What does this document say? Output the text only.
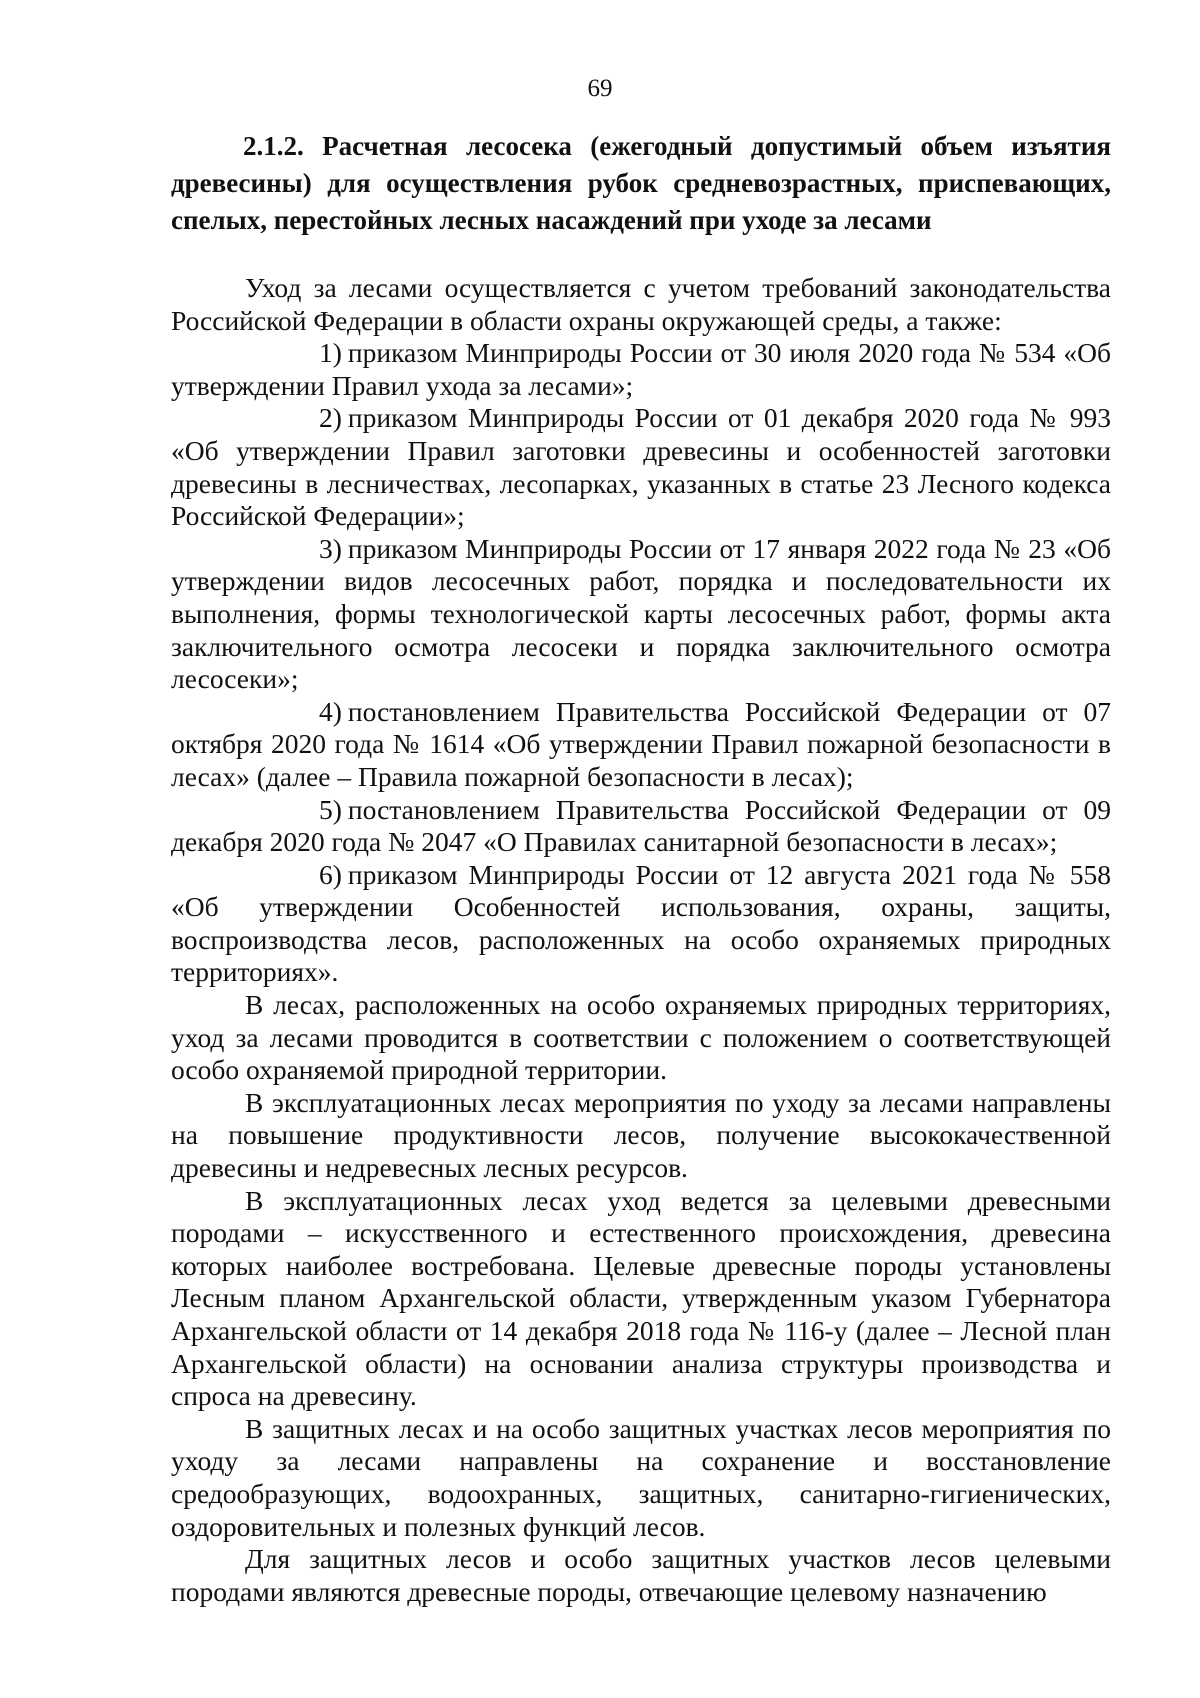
69

2.1.2. Расчетная лесосека (ежегодный допустимый объем изъятия древесины) для осуществления рубок средневозрастных, приспевающих, спелых, перестойных лесных насаждений при уходе за лесами

Уход за лесами осуществляется с учетом требований законодательства Российской Федерации в области охраны окружающей среды, а также:

1) приказом Минприроды России от 30 июля 2020 года № 534 «Об утверждении Правил ухода за лесами»;

2) приказом Минприроды России от 01 декабря 2020 года № 993 «Об утверждении Правил заготовки древесины и особенностей заготовки древесины в лесничествах, лесопарках, указанных в статье 23 Лесного кодекса Российской Федерации»;

3) приказом Минприроды России от 17 января 2022 года № 23 «Об утверждении видов лесосечных работ, порядка и последовательности их выполнения, формы технологической карты лесосечных работ, формы акта заключительного осмотра лесосеки и порядка заключительного осмотра лесосеки»;

4) постановлением Правительства Российской Федерации от 07 октября 2020 года № 1614 «Об утверждении Правил пожарной безопасности в лесах» (далее – Правила пожарной безопасности в лесах);

5) постановлением Правительства Российской Федерации от 09 декабря 2020 года № 2047 «О Правилах санитарной безопасности в лесах»;

6) приказом Минприроды России от 12 августа 2021 года № 558 «Об утверждении Особенностей использования, охраны, защиты, воспроизводства лесов, расположенных на особо охраняемых природных территориях».

В лесах, расположенных на особо охраняемых природных территориях, уход за лесами проводится в соответствии с положением о соответствующей особо охраняемой природной территории.

В эксплуатационных лесах мероприятия по уходу за лесами направлены на повышение продуктивности лесов, получение высококачественной древесины и недревесных лесных ресурсов.

В эксплуатационных лесах уход ведется за целевыми древесными породами – искусственного и естественного происхождения, древесина которых наиболее востребована. Целевые древесные породы установлены Лесным планом Архангельской области, утвержденным указом Губернатора Архангельской области от 14 декабря 2018 года № 116-у (далее – Лесной план Архангельской области) на основании анализа структуры производства и спроса на древесину.

В защитных лесах и на особо защитных участках лесов мероприятия по уходу за лесами направлены на сохранение и восстановление средообразующих, водоохранных, защитных, санитарно-гигиенических, оздоровительных и полезных функций лесов.

Для защитных лесов и особо защитных участков лесов целевыми породами являются древесные породы, отвечающие целевому назначению
